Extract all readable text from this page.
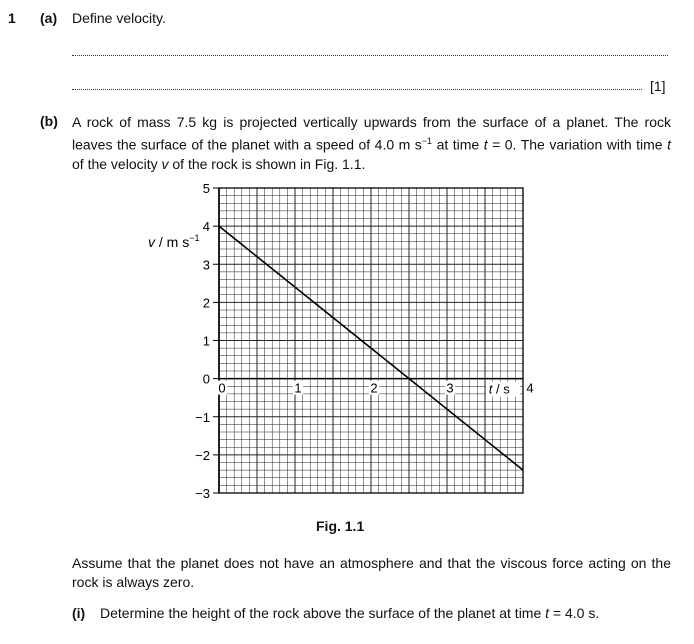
1 (a) Define velocity.
[1]
(b) A rock of mass 7.5 kg is projected vertically upwards from the surface of a planet. The rock leaves the surface of the planet with a speed of 4.0 m $s^{-1}$ at time t = 0. The variation with time t of the velocity v of the rock is shown in Fig. 1.1.
5
4
3
2
1
0
−1
−2
−3
0	1	2	3	4
v / m $s^{-1}$
t / s
Fig. 1.1
Assume that the planet does not have an atmosphere and that the viscous force acting on the rock is always zero.
(i) Determine the height of the rock above the surface of the planet at time t = 4.0 s.
